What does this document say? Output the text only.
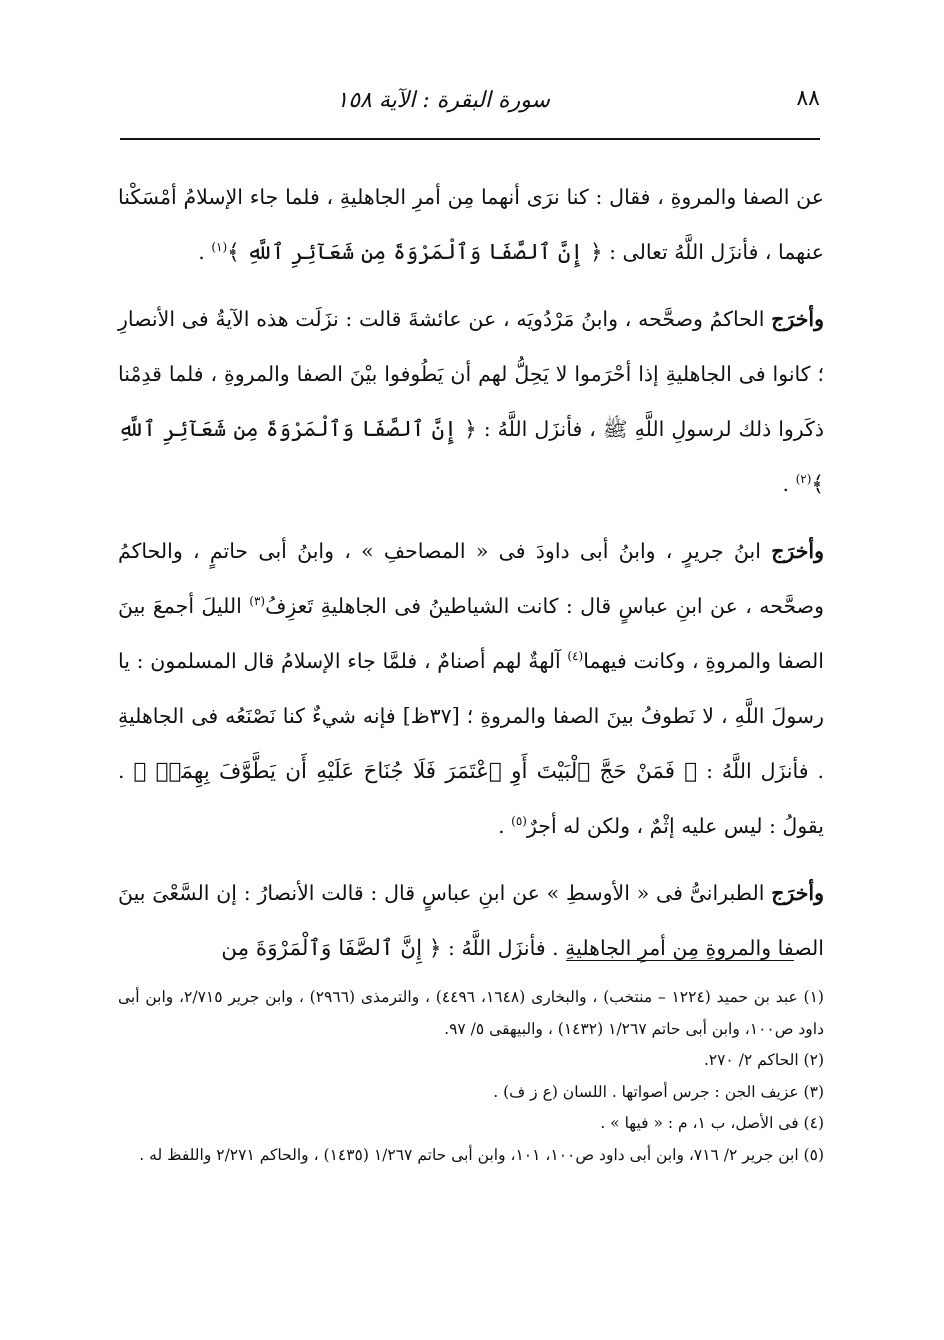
٨٨
سورة البقرة : الآية ١٥٨

عن الصفا والمروةِ ، فقال : كنا نرَى أنهما مِن أمرِ الجاهليةِ ، فلما جاء الإسلامُ أمْسَكْنا عنهما ، فأنزَل اللَّهُ تعالى : ﴿ إِنَّ ٱلصَّفَا وَٱلْمَرْوَةَ مِن شَعَآئِرِ ٱللَّهِ ﴾$^{(١)}$ .

وأخرَج الحاكمُ وصحَّحه ، وابنُ مَرْدُويَه ، عن عائشةَ قالت : نزَلَت هذه الآيةُ فى الأنصارِ ؛ كانوا فى الجاهليةِ إذا أحْرَموا لا يَحِلُّ لهم أن يَطُوفوا بيْنَ الصفا والمروةِ ، فلما قدِمْنا ذكَروا ذلك لرسولِ اللَّهِ ﷺ ، فأنزَل اللَّهُ : ﴿ إِنَّ ٱلصَّفَا وَٱلْمَرْوَةَ مِن شَعَآئِرِ ٱللَّهِ ﴾$^{(٢)}$ .

وأخرَج ابنُ جريرٍ ، وابنُ أبى داودَ فى « المصاحفِ » ، وابنُ أبى حاتمٍ ، والحاكمُ وصحَّحه ، عن ابنِ عباسٍ قال : كانت الشياطينُ فى الجاهليةِ تَعزِفُ$^{(٣)}$ الليلَ أجمعَ بينَ الصفا والمروةِ ، وكانت فيهما$^{(٤)}$ آلهةٌ لهم أصنامٌ ، فلمَّا جاء الإسلامُ قال المسلمون : يا رسولَ اللَّهِ ، لا نَطوفُ بينَ الصفا والمروةِ ؛ [٣٧ظ] فإنه شيءٌ كنا نَصْنَعُه فى الجاهليةِ . فأنزَل اللَّهُ : ﴿ فَمَنْ حَجَّ ٱلْبَيْتَ أَوِ ٱعْتَمَرَ فَلَا جُنَاحَ عَلَيْهِ أَن يَطَّوَّفَ بِهِمَاۚ ﴾ . يقولُ : ليس عليه إثْمٌ ، ولكن له أجرٌ$^{(٥)}$ .

وأخرَج الطبرانىُّ فى « الأوسطِ » عن ابنِ عباسٍ قال : قالت الأنصارُ : إن السَّعْىَ بينَ الصفا والمروةِ مِن أمرِ الجاهليةِ . فأنزَل اللَّهُ : ﴿ إِنَّ ٱلصَّفَا وَٱلْمَرْوَةَ مِن

(١) عبد بن حميد (١٢٢٤ – منتخب) ، والبخارى (١٦٤٨، ٤٤٩٦) ، والترمذى (٢٩٦٦) ، وابن جرير ٢/٧١٥، وابن أبى داود ص١٠٠، وابن أبى حاتم ١/٢٦٧ (١٤٣٢) ، والبيهقى ٥/ ٩٧.
(٢) الحاكم ٢/ ٢٧٠.
(٣) عزيف الجن : جرس أصواتها . اللسان (ع ز ف) .
(٤) فى الأصل، ب ١، م : « فيها » .
(٥) ابن جرير ٢/ ٧١٦، وابن أبى داود ص١٠٠، ١٠١، وابن أبى حاتم ١/٢٦٧ (١٤٣٥) ، والحاكم ٢/٢٧١ واللفظ له .
